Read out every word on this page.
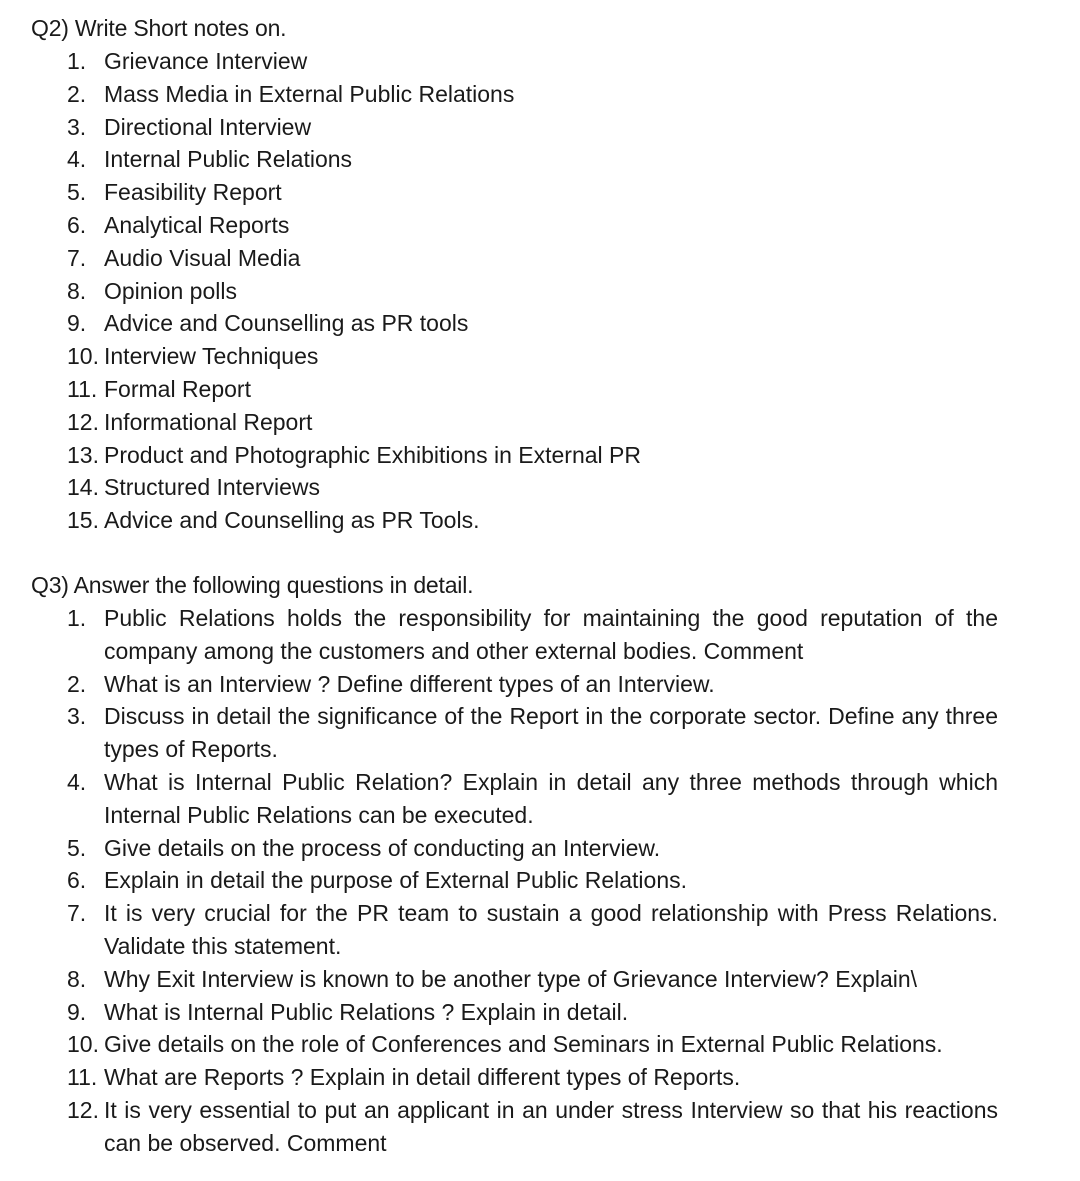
Q2) Write Short notes on.
1. Grievance Interview
2. Mass Media in External Public Relations
3. Directional Interview
4. Internal Public Relations
5. Feasibility Report
6. Analytical Reports
7. Audio Visual Media
8. Opinion polls
9. Advice and Counselling as PR tools
10. Interview Techniques
11. Formal Report
12. Informational Report
13. Product and Photographic Exhibitions in External PR
14. Structured Interviews
15. Advice and Counselling as PR Tools.
Q3) Answer the following questions in detail.
1. Public Relations holds the responsibility for maintaining the good reputation of the company among the customers and other external bodies. Comment
2. What is an Interview ? Define different types of an Interview.
3. Discuss in detail the significance of the Report in the corporate sector. Define any three types of Reports.
4. What is Internal Public Relation? Explain in detail any three methods through which Internal Public Relations can be executed.
5. Give details on the process of conducting an Interview.
6. Explain in detail the purpose of External Public Relations.
7. It is very crucial for the PR team to sustain a good relationship with Press Relations. Validate this statement.
8. Why Exit Interview is known to be another type of Grievance Interview? Explain\
9. What is Internal Public Relations ? Explain in detail.
10. Give details on the role of Conferences and Seminars in External Public Relations.
11. What are Reports ? Explain in detail different types of Reports.
12. It is very essential to put an applicant in an under stress Interview so that his reactions can be observed. Comment
